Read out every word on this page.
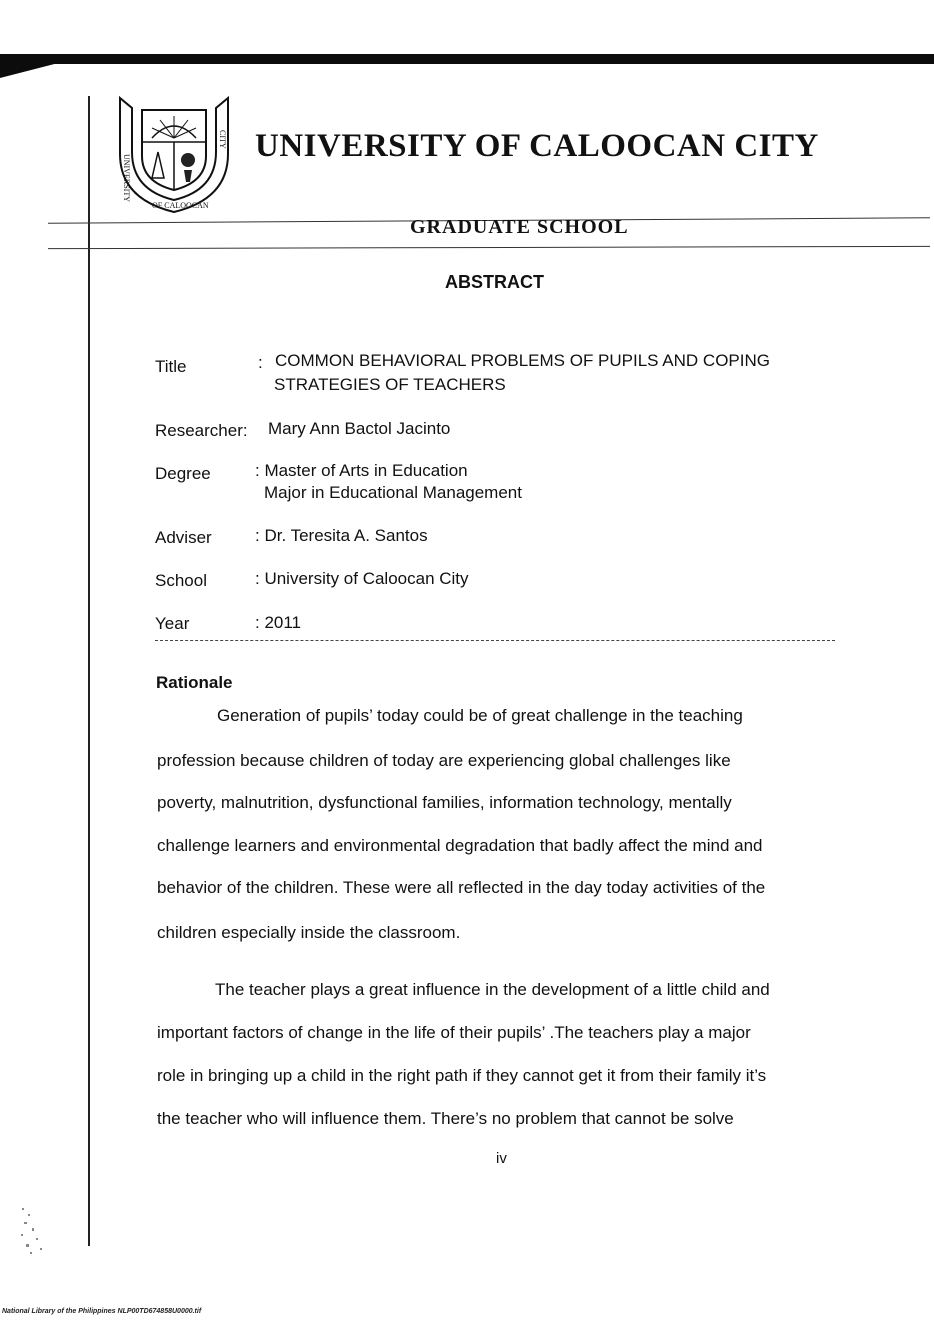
UNIVERSITY
CITY
OF CALOOCAN
UNIVERSITY OF CALOOCAN CITY
GRADUATE SCHOOL
ABSTRACT
Title	: COMMON BEHAVIORAL PROBLEMS OF PUPILS AND COPING
STRATEGIES OF TEACHERS
Researcher: Mary Ann Bactol Jacinto
Degree	: Master of Arts in Education
Major in Educational Management
Adviser	: Dr. Teresita A. Santos
School	: University of Caloocan City
Year	: 2011
Rationale
Generation of pupils’ today could be of great challenge in the teaching
profession because children of today are experiencing global challenges like
poverty, malnutrition, dysfunctional families, information technology, mentally
challenge learners and environmental degradation that badly affect the mind and
behavior of the children. These were all reflected in the day today activities of the
children especially inside the classroom.
The teacher plays a great influence in the development of a little child and
important factors of change in the life of their pupils’ .The teachers play a major
role in bringing up a child in the right path if they cannot get it from their family it’s
the teacher who will influence them. There’s no problem that cannot be solve
iv
National Library of the Philippines NLP00TD674858U0000.tif
